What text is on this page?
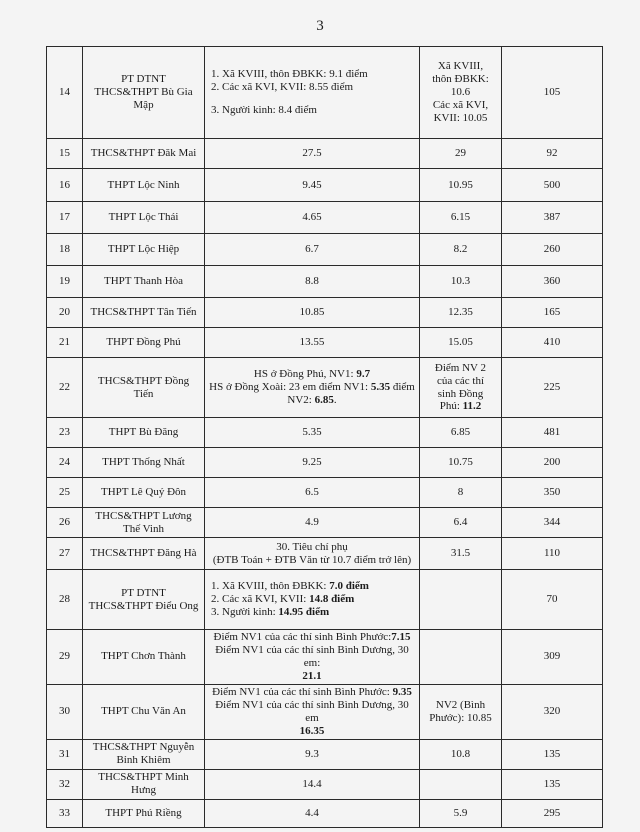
3
14	PT DTNT
THCS&THPT Bù Gia
Mập	1. Xã KVIII, thôn ĐBKK: 9.1 điểm
2. Các xã KVI, KVII: 8.55 điểm
3. Người kinh: 8.4 điểm	Xã KVIII,
thôn ĐBKK:
10.6
Các xã KVI,
KVII: 10.05	105
15	THCS&THPT Đăk Mai	27.5	29	92
16	THPT Lộc Ninh	9.45	10.95	500
17	THPT Lộc Thái	4.65	6.15	387
18	THPT Lộc Hiệp	6.7	8.2	260
19	THPT Thanh Hòa	8.8	10.3	360
20	THCS&THPT Tân Tiến	10.85	12.35	165
21	THPT Đồng Phú	13.55	15.05	410
22	THCS&THPT Đồng
Tiến	HS ở Đồng Phú, NV1: 9.7
HS ở Đồng Xoài: 23 em điểm NV1: 5.35 điểm
NV2: 6.85.	Điểm NV 2
của các thí
sinh Đồng
Phú: 11.2	225
23	THPT Bù Đăng	5.35	6.85	481
24	THPT Thống Nhất	9.25	10.75	200
25	THPT Lê Quý Đôn	6.5	8	350
26	THCS&THPT Lương
Thế Vinh	4.9	6.4	344
27	THCS&THPT Đăng Hà	30. Tiêu chí phụ
(ĐTB Toán + ĐTB Văn từ 10.7 điểm trở lên)	31.5	110
28	PT DTNT
THCS&THPT Điểu Ong	1. Xã KVIII, thôn ĐBKK: 7.0 điểm
2. Các xã KVI, KVII: 14.8 điểm
3. Người kinh: 14.95 điểm		70
29	THPT Chơn Thành	Điểm NV1 của các thí sinh Bình Phước:7.15
Điểm NV1 của các thí sinh Bình Dương, 30 em:
21.1		309
30	THPT Chu Văn An	Điểm NV1 của các thí sinh Bình Phước: 9.35
Điểm NV1 của các thí sinh Bình Dương, 30 em
16.35	NV2 (Bình
Phước): 10.85	320
31	THCS&THPT Nguyễn
Bỉnh Khiêm	9.3	10.8	135
32	THCS&THPT Minh
Hưng	14.4		135
33	THPT Phú Riềng	4.4	5.9	295
